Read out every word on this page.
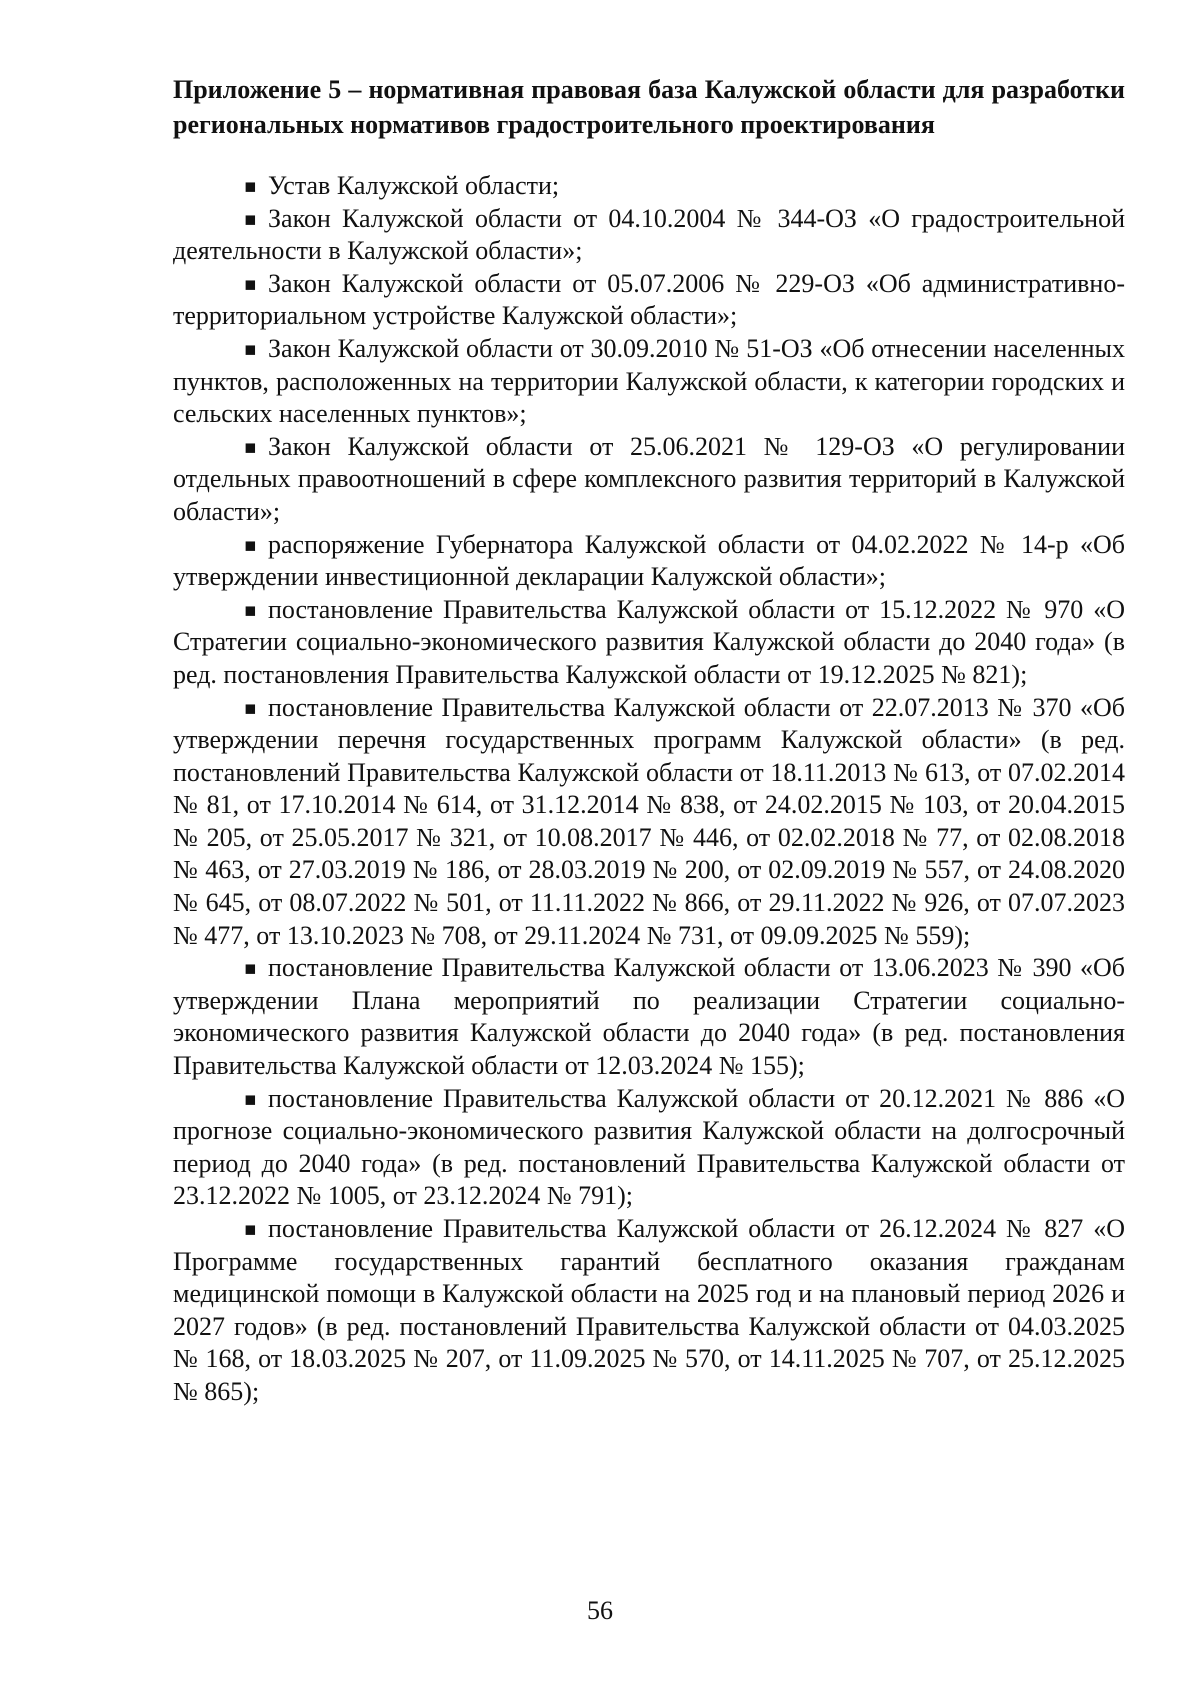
Приложение 5 – нормативная правовая база Калужской области для разработки региональных нормативов градостроительного проектирования

▪ Устав Калужской области;
▪ Закон Калужской области от 04.10.2004 № 344-ОЗ «О градостроительной деятельности в Калужской области»;
▪ Закон Калужской области от 05.07.2006 № 229-ОЗ «Об административно-территориальном устройстве Калужской области»;
▪ Закон Калужской области от 30.09.2010 № 51-ОЗ «Об отнесении населенных пунктов, расположенных на территории Калужской области, к категории городских и сельских населенных пунктов»;
▪ Закон Калужской области от 25.06.2021 № 129-ОЗ «О регулировании отдельных правоотношений в сфере комплексного развития территорий в Калужской области»;
▪ распоряжение Губернатора Калужской области от 04.02.2022 № 14-р «Об утверждении инвестиционной декларации Калужской области»;
▪ постановление Правительства Калужской области от 15.12.2022 № 970 «О Стратегии социально-экономического развития Калужской области до 2040 года» (в ред. постановления Правительства Калужской области от 19.12.2025 № 821);
▪ постановление Правительства Калужской области от 22.07.2013 № 370 «Об утверждении перечня государственных программ Калужской области» (в ред. постановлений Правительства Калужской области от 18.11.2013 № 613, от 07.02.2014 № 81, от 17.10.2014 № 614, от 31.12.2014 № 838, от 24.02.2015 № 103, от 20.04.2015 № 205, от 25.05.2017 № 321, от 10.08.2017 № 446, от 02.02.2018 № 77, от 02.08.2018 № 463, от 27.03.2019 № 186, от 28.03.2019 № 200, от 02.09.2019 № 557, от 24.08.2020 № 645, от 08.07.2022 № 501, от 11.11.2022 № 866, от 29.11.2022 № 926, от 07.07.2023 № 477, от 13.10.2023 № 708, от 29.11.2024 № 731, от 09.09.2025 № 559);
▪ постановление Правительства Калужской области от 13.06.2023 № 390 «Об утверждении Плана мероприятий по реализации Стратегии социально-экономического развития Калужской области до 2040 года» (в ред. постановления Правительства Калужской области от 12.03.2024 № 155);
▪ постановление Правительства Калужской области от 20.12.2021 № 886 «О прогнозе социально-экономического развития Калужской области на долгосрочный период до 2040 года» (в ред. постановлений Правительства Калужской области от 23.12.2022 № 1005, от 23.12.2024 № 791);
▪ постановление Правительства Калужской области от 26.12.2024 № 827 «О Программе государственных гарантий бесплатного оказания гражданам медицинской помощи в Калужской области на 2025 год и на плановый период 2026 и 2027 годов» (в ред. постановлений Правительства Калужской области от 04.03.2025 № 168, от 18.03.2025 № 207, от 11.09.2025 № 570, от 14.11.2025 № 707, от 25.12.2025 № 865);
56
